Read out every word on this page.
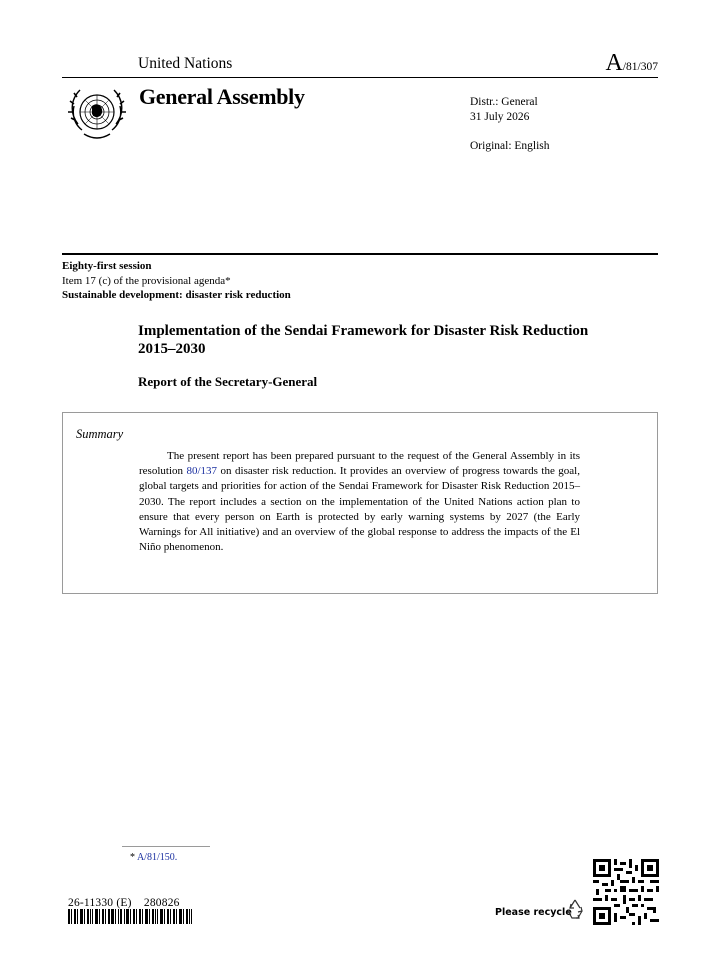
United Nations	A/81/307
General Assembly	Distr.: General
31 July 2026
Original: English
Eighty-first session
Item 17 (c) of the provisional agenda*
Sustainable development: disaster risk reduction
Implementation of the Sendai Framework for Disaster Risk Reduction 2015–2030
Report of the Secretary-General
Summary
The present report has been prepared pursuant to the request of the General Assembly in its resolution 80/137 on disaster risk reduction. It provides an overview of progress towards the goal, global targets and priorities for action of the Sendai Framework for Disaster Risk Reduction 2015–2030. The report includes a section on the implementation of the United Nations action plan to ensure that every person on Earth is protected by early warning systems by 2027 (the Early Warnings for All initiative) and an overview of the global response to address the impacts of the El Niño phenomenon.
* A/81/150.
26-11330 (E)    280826
Please recycle
